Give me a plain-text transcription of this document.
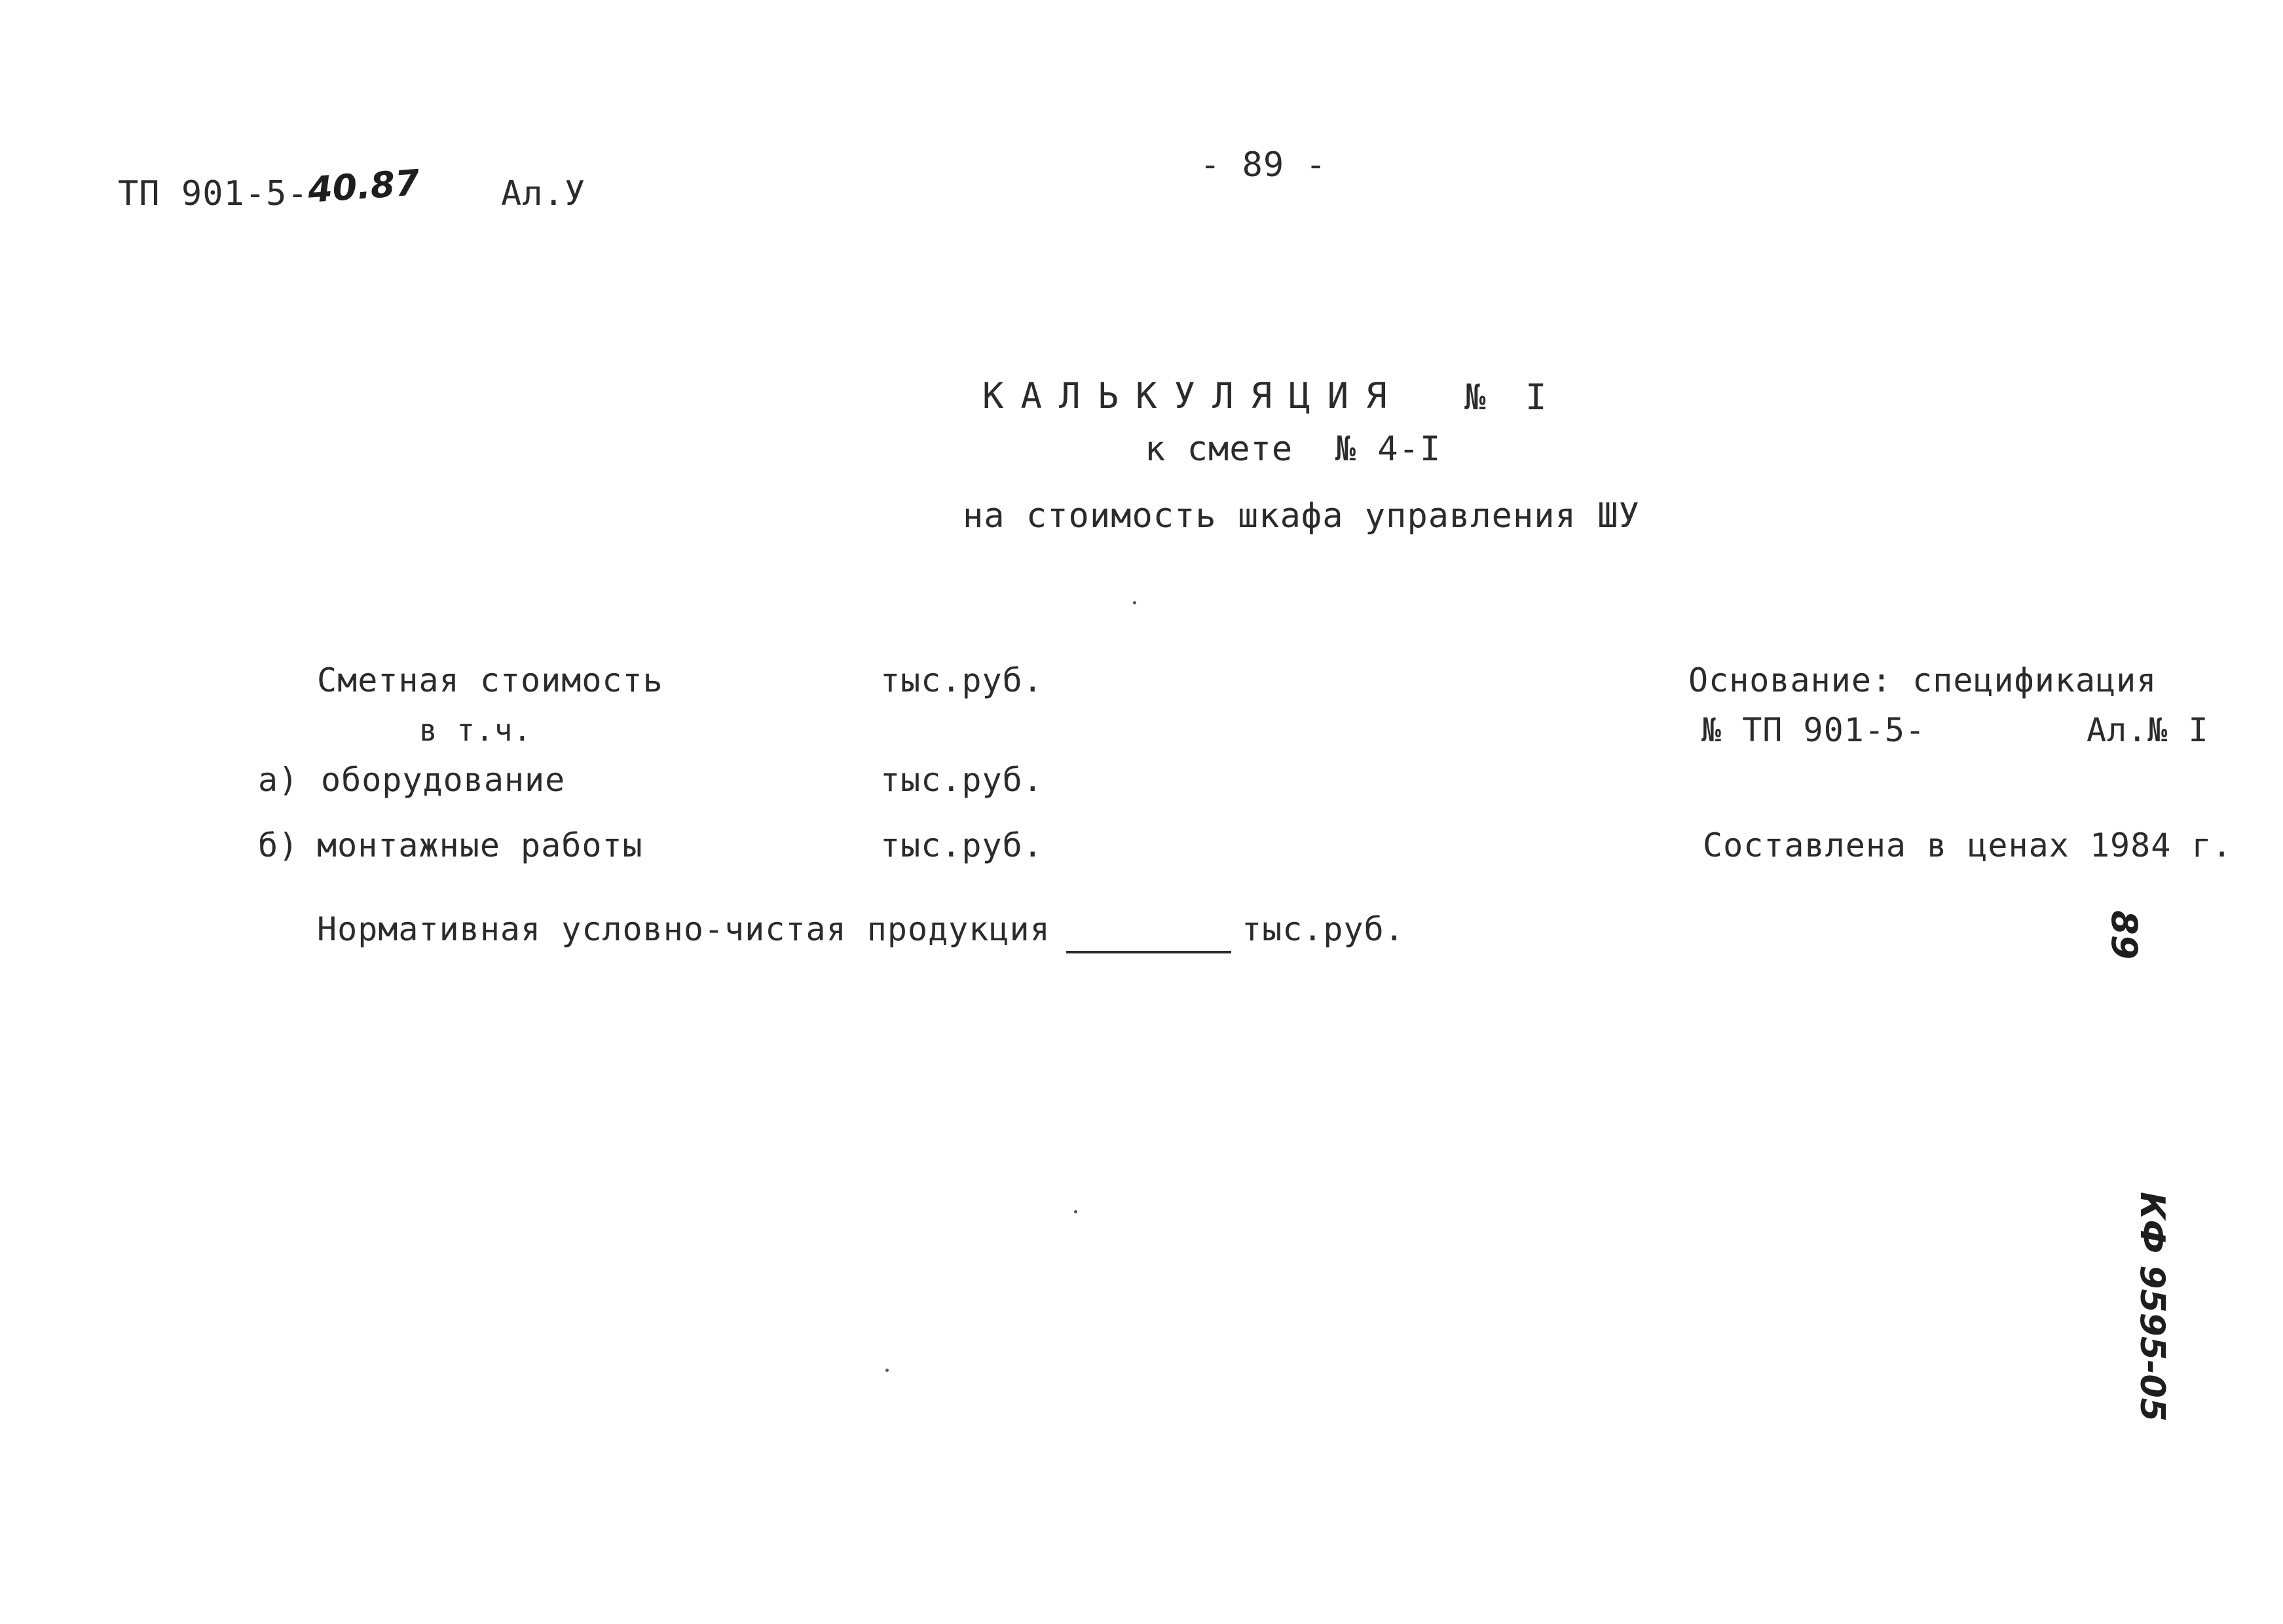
ТП 901-5-
40.87 Ал.У
- 89 -
КАЛЬКУЛЯЦИЯ № I
к смете  № 4-I
на стоимость шкафа управления ШУ
Сметная стоимость	тыс.руб.
в т.ч.
а) оборудование	тыс.руб.
б) монтажные работы	тыс.руб.
Нормативная условно-чистая продукция	тыс.руб.
Основание: спецификация
№ ТП 901-5-	Ал.№ I
Составлена в ценах 1984 г.
89
КФ 9595-05
